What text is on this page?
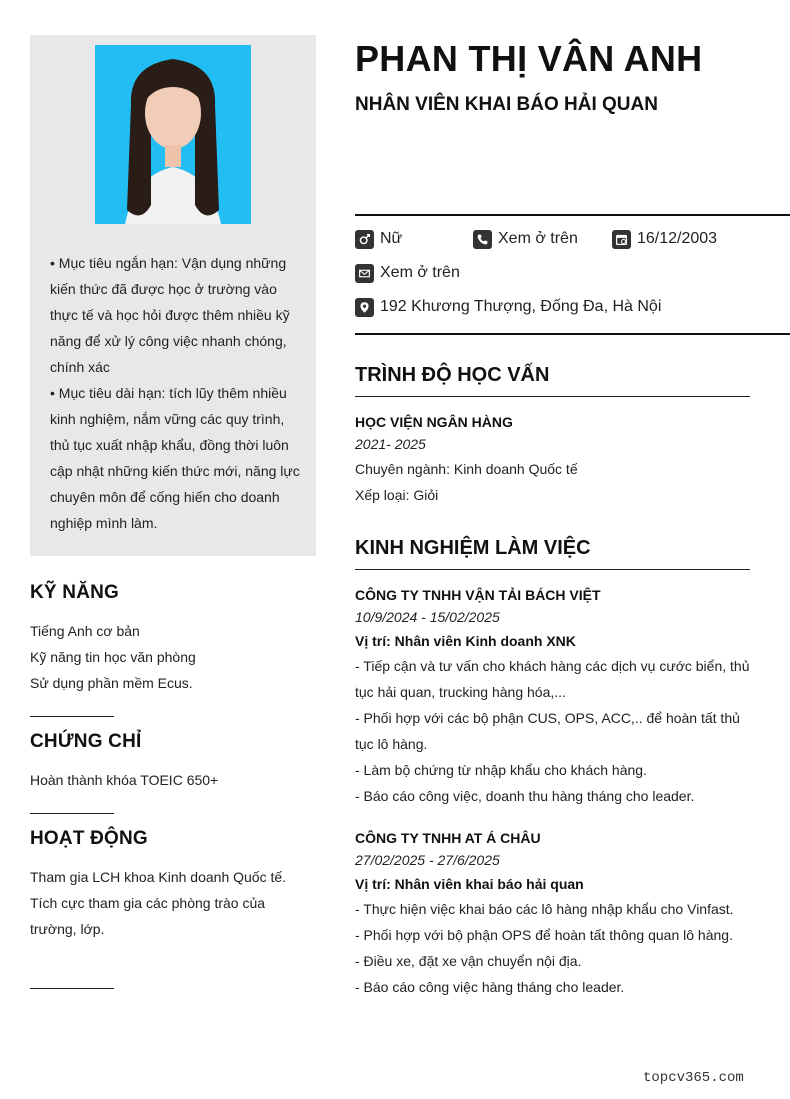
• Mục tiêu ngắn hạn: Vận dụng những kiến thức đã được học ở trường vào thực tế và học hỏi được thêm nhiều kỹ năng để xử lý công việc nhanh chóng, chính xác

• Mục tiêu dài hạn: tích lũy thêm nhiều kinh nghiệm, nắm vững các quy trình, thủ tục xuất nhập khẩu, đồng thời luôn cập nhật những kiến thức mới, năng lực chuyên môn để cống hiến cho doanh nghiệp mình làm.

KỸ NĂNG
Tiếng Anh cơ bản
Kỹ năng tin học văn phòng
Sử dụng phần mềm Ecus.
CHỨNG CHỈ
Hoàn thành khóa TOEIC 650+
HOẠT ĐỘNG
Tham gia LCH khoa Kinh doanh Quốc tế.
Tích cực tham gia các phòng trào của trường, lớp.
PHAN THỊ VÂN ANH
NHÂN VIÊN KHAI BÁO HẢI QUAN
Nữ	Xem ở trên	16/12/2003
Xem ở trên
192 Khương Thượng, Đống Đa, Hà Nội
TRÌNH ĐỘ HỌC VẤN
HỌC VIỆN NGÂN HÀNG
2021- 2025
Chuyên ngành: Kinh doanh Quốc tế
Xếp loại: Giỏi
KINH NGHIỆM LÀM VIỆC
CÔNG TY TNHH VẬN TẢI BÁCH VIỆT
10/9/2024 - 15/02/2025
Vị trí: Nhân viên Kinh doanh XNK
- Tiếp cận và tư vấn cho khách hàng các dịch vụ cước biển, thủ tục hải quan, trucking hàng hóa,...
- Phối hợp với các bộ phận CUS, OPS, ACC,.. để hoàn tất thủ tục lô hàng.
- Làm bộ chứng từ nhập khẩu cho khách hàng.
- Báo cáo công việc, doanh thu hàng tháng cho leader.
CÔNG TY TNHH AT Á CHÂU
27/02/2025 - 27/6/2025
Vị trí: Nhân viên khai báo hải quan
- Thực hiện việc khai báo các lô hàng nhập khẩu cho Vinfast.
- Phối hợp với bộ phận OPS để hoàn tất thông quan lô hàng.
- Điều xe, đặt xe vận chuyển nội địa.
- Báo cáo công việc hàng tháng cho leader.
topcv365.com
